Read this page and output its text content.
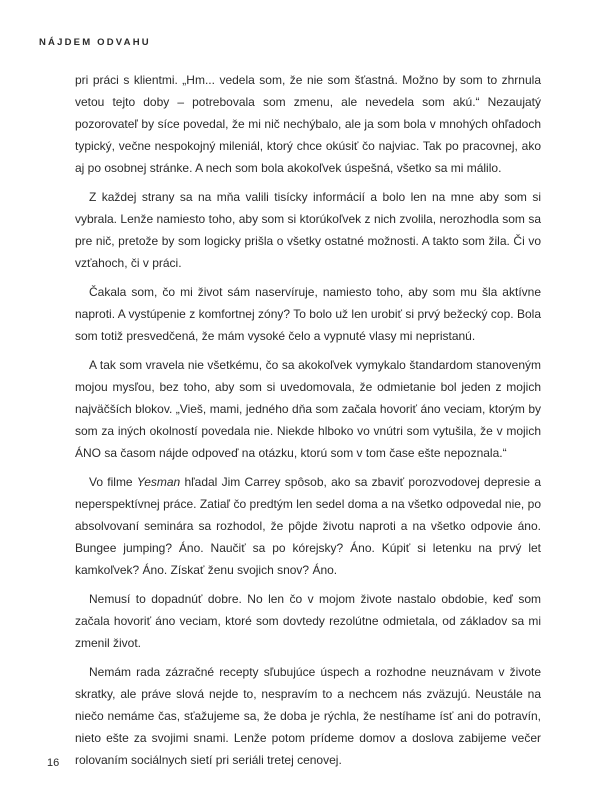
NÁJDEM ODVAHU

pri práci s klientmi. „Hm... vedela som, že nie som šťastná. Možno by som to zhrnula vetou tejto doby – potrebovala som zmenu, ale nevedela som akú.“ Nezaujatý pozorovateľ by síce povedal, že mi nič nechýbalo, ale ja som bola v mnohých ohľadoch typický, večne nespokojný mileniál, ktorý chce okúsiť čo najviac. Tak po pracovnej, ako aj po osobnej stránke. A nech som bola akokoľvek úspešná, všetko sa mi málilo.

Z každej strany sa na mňa valili tisícky informácií a bolo len na mne aby som si vybrala. Lenže namiesto toho, aby som si ktorúkoľvek z nich zvolila, nerozhodla som sa pre nič, pretože by som logicky prišla o všetky ostatné možnosti. A takto som žila. Či vo vzťahoch, či v práci.

Čakala som, čo mi život sám naservíruje, namiesto toho, aby som mu šla aktívne naproti. A vystúpenie z komfortnej zóny? To bolo už len urobiť si prvý bežecký cop. Bola som totiž presvedčená, že mám vysoké čelo a vypnuté vlasy mi nepristanú.

A tak som vravela nie všetkému, čo sa akokoľvek vymykalo štandardom stanoveným mojou mysľou, bez toho, aby som si uvedomovala, že odmietanie bol jeden z mojich najväčších blokov. „Vieš, mami, jedného dňa som začala hovoriť áno veciam, ktorým by som za iných okolností povedala nie. Niekde hlboko vo vnútri som vytušila, že v mojich ÁNO sa časom nájde odpoveď na otázku, ktorú som v tom čase ešte nepoznala.“

Vo filme Yesman hľadal Jim Carrey spôsob, ako sa zbaviť porozvodovej depresie a neperspektívnej práce. Zatiaľ čo predtým len sedel doma a na všetko odpovedal nie, po absolvovaní seminára sa rozhodol, že pôjde životu naproti a na všetko odpovie áno. Bungee jumping? Áno. Naučiť sa po kórejsky? Áno. Kúpiť si letenku na prvý let kamkoľvek? Áno. Získať ženu svojich snov? Áno.

Nemusí to dopadnúť dobre. No len čo v mojom živote nastalo obdobie, keď som začala hovoriť áno veciam, ktoré som dovtedy rezolútne odmietala, od základov sa mi zmenil život.

Nemám rada zázračné recepty sľubujúce úspech a rozhodne neuznávam v živote skratky, ale práve slová nejde to, nespravím to a nechcem nás zväzujú. Neustále na niečo nemáme čas, sťažujeme sa, že doba je rýchla, že nestíhame ísť ani do potravín, nieto ešte za svojimi snami. Lenže potom prídeme domov a doslova zabijeme večer rolovaním sociálnych sietí pri seriáli tretej cenovej.

16
